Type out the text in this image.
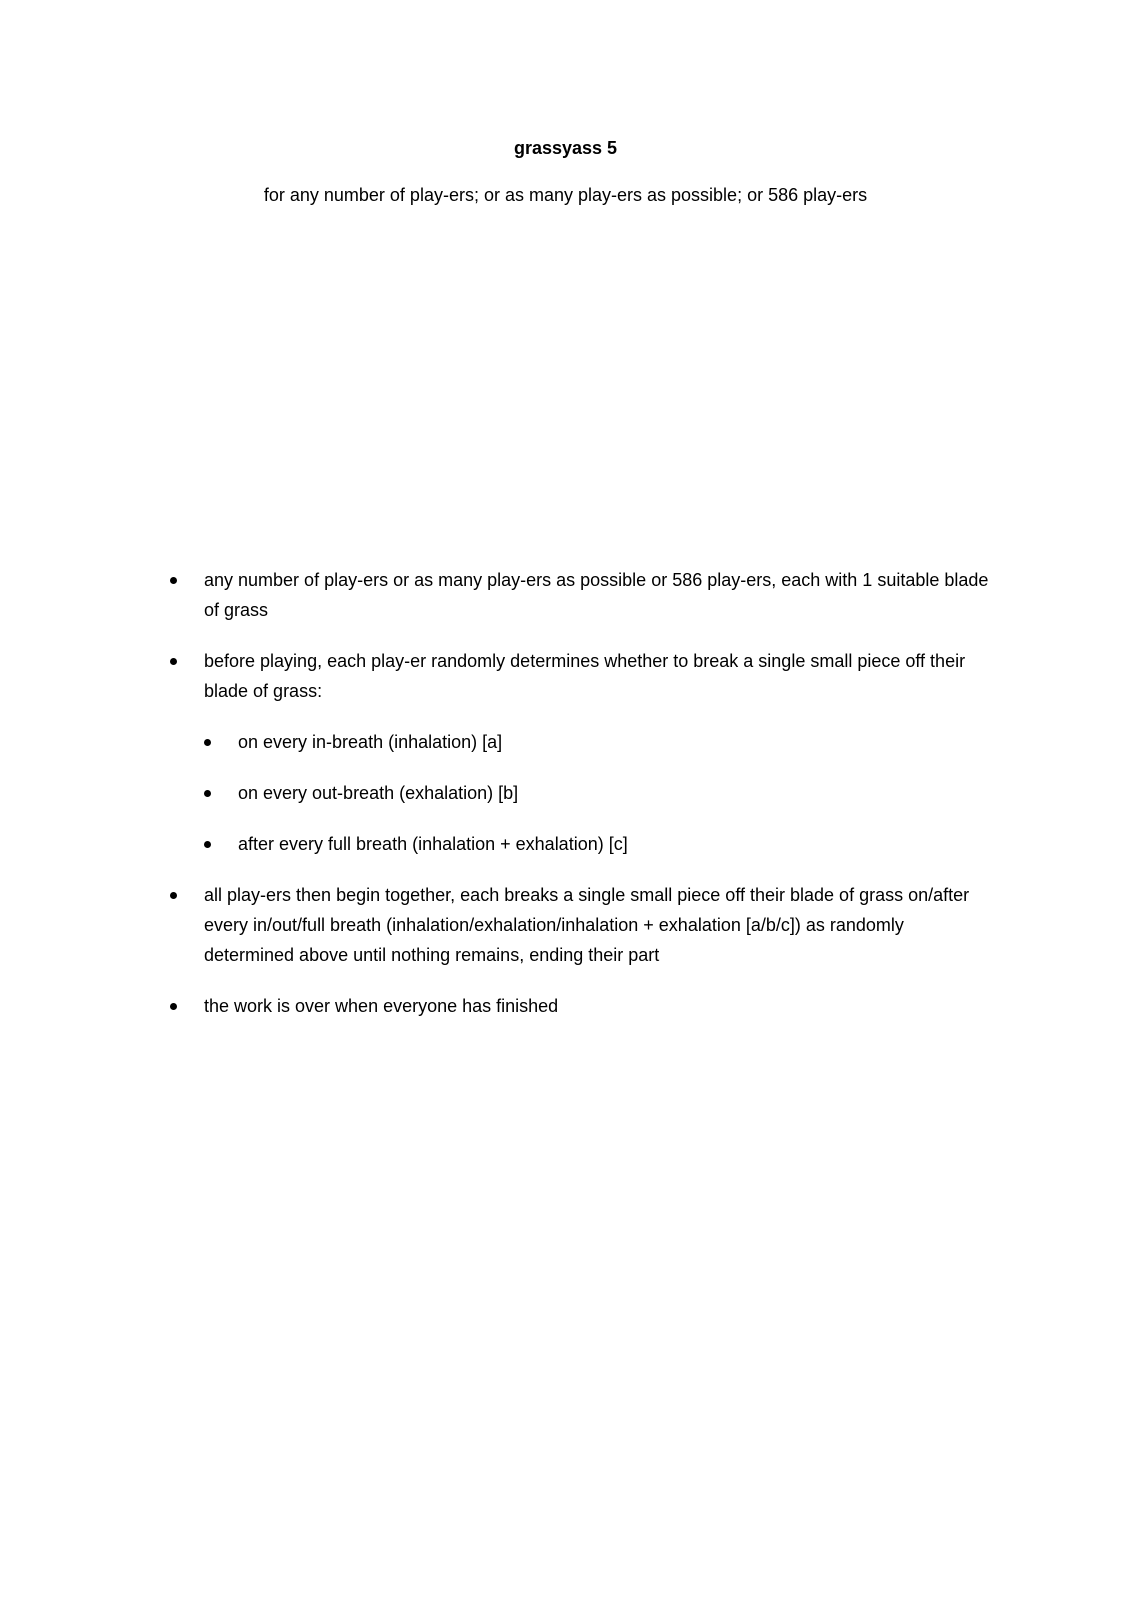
grassyass 5
for any number of play-ers; or as many play-ers as possible; or 586 play-ers
any number of play-ers or as many play-ers as possible or 586 play-ers, each with 1 suitable blade of grass
before playing, each play-er randomly determines whether to break a single small piece off their blade of grass:
on every in-breath (inhalation) [a]
on every out-breath (exhalation) [b]
after every full breath (inhalation + exhalation) [c]
all play-ers then begin together, each breaks a single small piece off their blade of grass on/after every in/out/full breath (inhalation/exhalation/inhalation + exhalation [a/b/c]) as randomly determined above until nothing remains, ending their part
the work is over when everyone has finished
